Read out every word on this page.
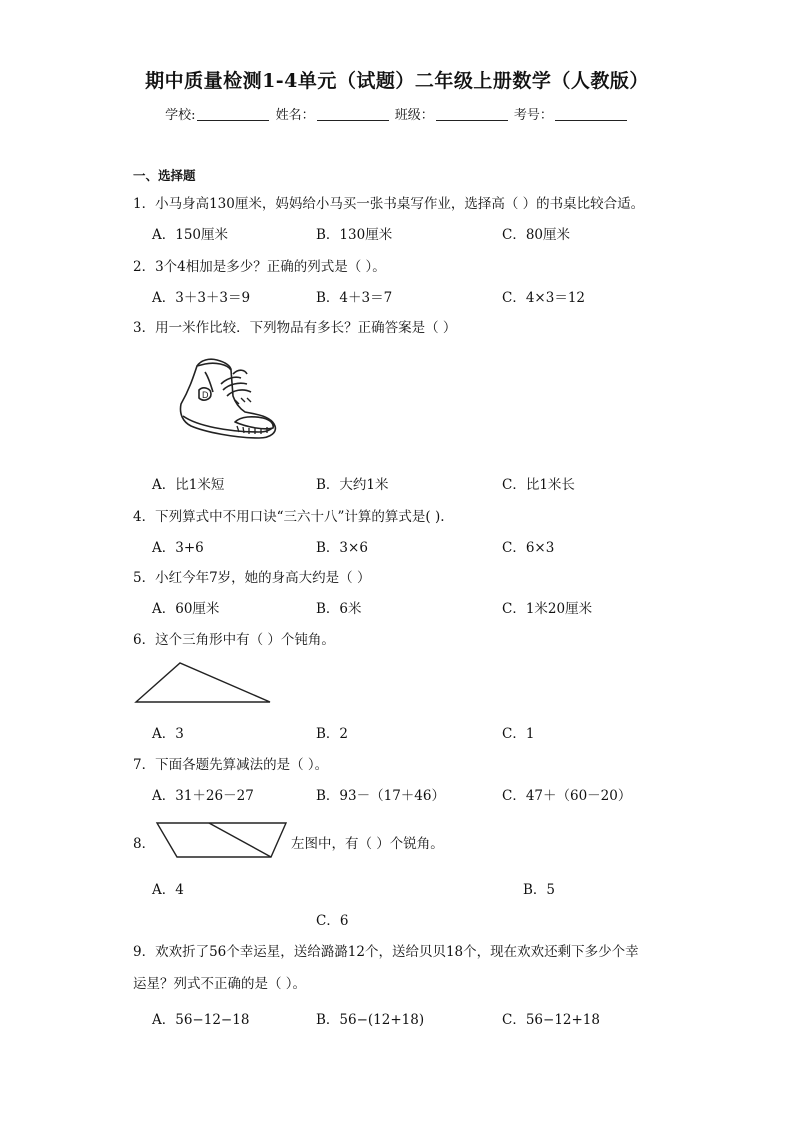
期中质量检测1-4单元（试题）二年级上册数学（人教版）
学校:	姓名：	班级：	考号：
一、选择题
1．小马身高130厘米，妈妈给小马买一张书桌写作业，选择高（ ）的书桌比较合适。
A．150厘米	B．130厘米	C．80厘米
2．3个4相加是多少？正确的列式是（ ）。
A．3＋3＋3＝9	B．4＋3＝7	C．4×3＝12
3．用一米作比较．下列物品有多长？正确答案是（ ）
D
A．比1米短	B．大约1米	C．比1米长
4．下列算式中不用口诀“三六十八”计算的算式是( ).
A．3+6	B．3×6	C．6×3
5．小红今年7岁，她的身高大约是（ ）
A．60厘米	B．6米	C．1米20厘米
6．这个三角形中有（ ）个钝角。
A．3	B．2	C．1
7．下面各题先算减法的是（ ）。
A．31＋26－27	B．93－（17＋46）	C．47＋（60－20）
8．	左图中，有（ ）个锐角。
A．4	B．5
C．6
9．欢欢折了56个幸运星，送给潞潞12个，送给贝贝18个，现在欢欢还剩下多少个幸
运星？列式不正确的是（ ）。
A．56−12−18	B．56−(12+18)	C．56−12+18
